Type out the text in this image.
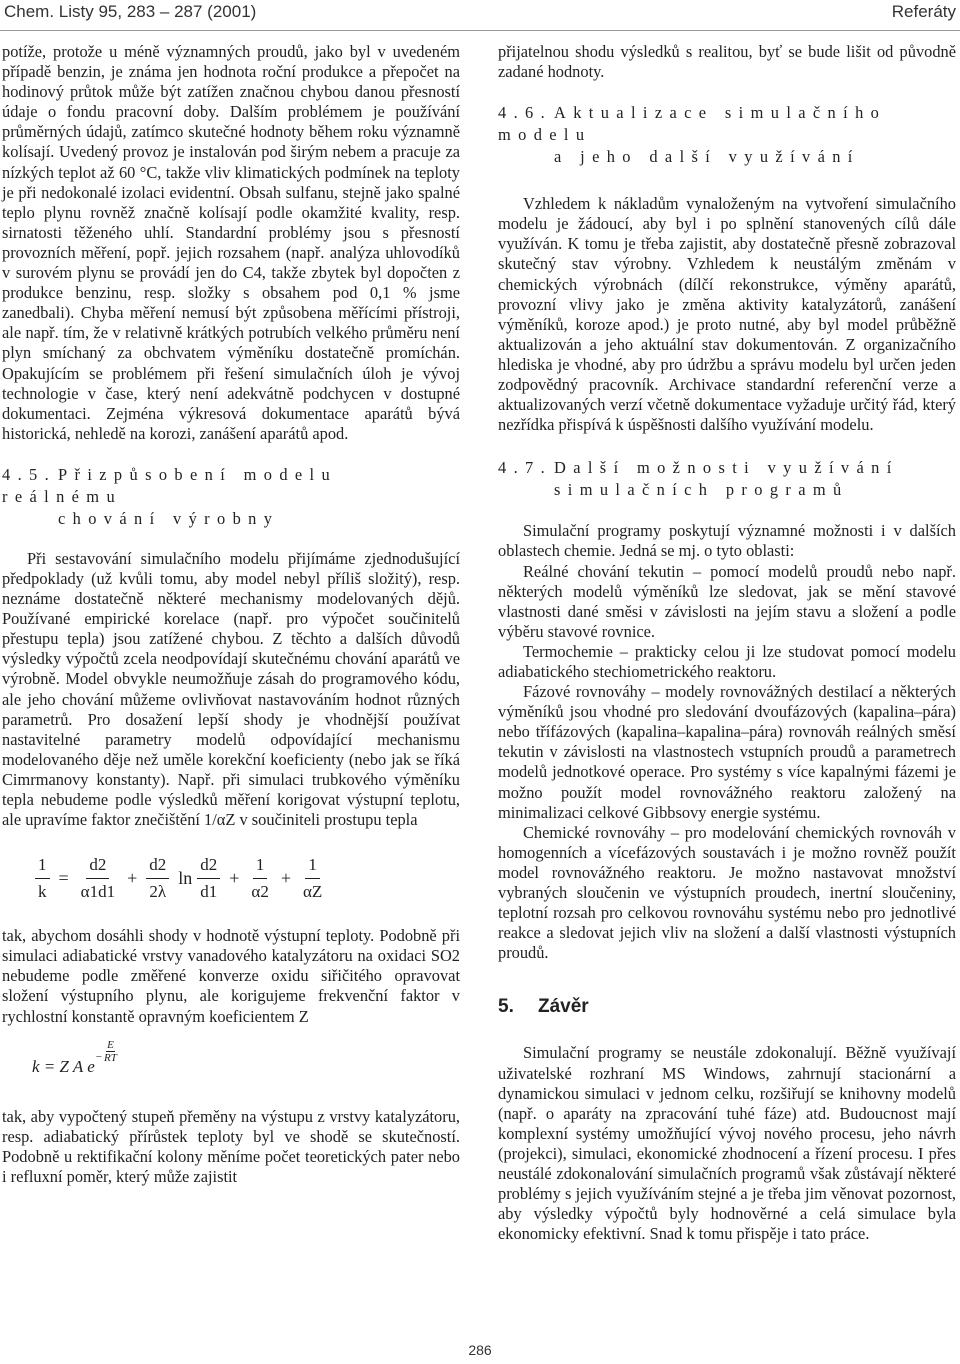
Chem. Listy 95, 283 – 287 (2001)	Referáty

potíže, protože u méně významných proudů, jako byl v uvedeném případě benzin, je známa jen hodnota roční produkce a přepočet na hodinový průtok může být zatížen značnou chybou danou přesností údaje o fondu pracovní doby. Dalším problémem je používání průměrných údajů, zatímco skutečné hodnoty během roku významně kolísají. Uvedený provoz je instalován pod širým nebem a pracuje za nízkých teplot až 60 °C, takže vliv klimatických podmínek na teploty je při nedokonalé izolaci evidentní. Obsah sulfanu, stejně jako spalné teplo plynu rovněž značně kolísají podle okamžité kvality, resp. sirnatosti těženého uhlí. Standardní problémy jsou s přesností provozních měření, popř. jejich rozsahem (např. analýza uhlovodíků v surovém plynu se provádí jen do C4, takže zbytek byl dopočten z produkce benzinu, resp. složky s obsahem pod 0,1 % jsme zanedbali). Chyba měření nemusí být způsobena měřícími přístroji, ale např. tím, že v relativně krátkých potrubích velkého průměru není plyn smíchaný za obchvatem výměníku dostatečně promíchán. Opakujícím se problémem při řešení simulačních úloh je vývoj technologie v čase, který není adekvátně podchycen v dostupné dokumentaci. Zejména výkresová dokumentace aparátů bývá historická, nehledě na korozi, zanášení aparátů apod.

4.5. Přizpůsobení modelu reálnému
chování výrobny

Při sestavování simulačního modelu přijímáme zjednodušující předpoklady (už kvůli tomu, aby model nebyl příliš složitý), resp. neznáme dostatečně některé mechanismy modelovaných dějů. Používané empirické korelace (např. pro výpočet součinitelů přestupu tepla) jsou zatížené chybou. Z těchto a dalších důvodů výsledky výpočtů zcela neodpovídají skutečnému chování aparátů ve výrobně. Model obvykle neumožňuje zásah do programového kódu, ale jeho chování můžeme ovlivňovat nastavováním hodnot různých parametrů. Pro dosažení lepší shody je vhodnější používat nastavitelné parametry modelů odpovídající mechanismu modelovaného děje než uměle korekční koeficienty (nebo jak se říká Cimrmanovy konstanty). Např. při simulaci trubkového výměníku tepla nebudeme podle výsledků měření korigovat výstupní teplotu, ale upravíme faktor znečištění 1/αZ v součiniteli prostupu tepla

$\frac{1}{k} = \frac{d2}{\alpha 1d1} + \frac{d2}{2\lambda}$ $\ln \frac{d2}{d1} + \frac{1}{\alpha 2} + \frac{1}{\alpha Z}$

tak, abychom dosáhli shody v hodnotě výstupní teploty. Podobně při simulaci adiabatické vrstvy vanadového katalyzátoru na oxidaci SO2 nebudeme podle změřené konverze oxidu siřičitého opravovat složení výstupního plynu, ale korigujeme frekvenční faktor v rychlostní konstantě opravným koeficientem Z

k = Z A $e - \frac{E}{RT}$

tak, aby vypočtený stupeň přeměny na výstupu z vrstvy katalyzátoru, resp. adiabatický přírůstek teploty byl ve shodě se skutečností. Podobně u rektifikační kolony měníme počet teoretických pater nebo i refluxní poměr, který může zajistit

přijatelnou shodu výsledků s realitou, byť se bude lišit od původně zadané hodnoty.

4.6. Aktualizace simulačního modelu
a jeho další využívání

Vzhledem k nákladům vynaloženým na vytvoření simulačního modelu je žádoucí, aby byl i po splnění stanovených cílů dále využíván. K tomu je třeba zajistit, aby dostatečně přesně zobrazoval skutečný stav výrobny. Vzhledem k neustálým změnám v chemických výrobnách (dílčí rekonstrukce, výměny aparátů, provozní vlivy jako je změna aktivity katalyzátorů, zanášení výměníků, koroze apod.) je proto nutné, aby byl model průběžně aktualizován a jeho aktuální stav dokumentován. Z organizačního hlediska je vhodné, aby pro údržbu a správu modelu byl určen jeden zodpovědný pracovník. Archivace standardní referenční verze a aktualizovaných verzí včetně dokumentace vyžaduje určitý řád, který nezřídka přispívá k úspěšnosti dalšího využívání modelu.

4.7. Další možnosti využívání
simulačních programů

Simulační programy poskytují významné možnosti i v dalších oblastech chemie. Jedná se mj. o tyto oblasti:

Reálné chování tekutin – pomocí modelů proudů nebo např. některých modelů výměníků lze sledovat, jak se mění stavové vlastnosti dané směsi v závislosti na jejím stavu a složení a podle výběru stavové rovnice.

Termochemie – prakticky celou ji lze studovat pomocí modelu adiabatického stechiometrického reaktoru.

Fázové rovnováhy – modely rovnovážných destilací a některých výměníků jsou vhodné pro sledování dvoufázových (kapalina–pára) nebo třífázových (kapalina–kapalina–pára) rovnováh reálných směsí tekutin v závislosti na vlastnostech vstupních proudů a parametrech modelů jednotkové operace. Pro systémy s více kapalnými fázemi je možno použít model rovnovážného reaktoru založený na minimalizaci celkové Gibbsovy energie systému.

Chemické rovnováhy – pro modelování chemických rovnováh v homogenních a vícefázových soustavách i je možno rovněž použít model rovnovážného reaktoru. Je možno nastavovat množství vybraných sloučenin ve výstupních proudech, inertní sloučeniny, teplotní rozsah pro celkovou rovnováhu systému nebo pro jednotlivé reakce a sledovat jejich vliv na složení a další vlastnosti výstupních proudů.

5. Závěr

Simulační programy se neustále zdokonalují. Běžně využívají uživatelské rozhraní MS Windows, zahrnují stacionární a dynamickou simulaci v jednom celku, rozšiřují se knihovny modelů (např. o aparáty na zpracování tuhé fáze) atd. Budoucnost mají komplexní systémy umožňující vývoj nového procesu, jeho návrh (projekci), simulaci, ekonomické zhodnocení a řízení procesu. I přes neustálé zdokonalování simulačních programů však zůstávají některé problémy s jejich využíváním stejné a je třeba jim věnovat pozornost, aby výsledky výpočtů byly hodnověrné a celá simulace byla ekonomicky efektivní. Snad k tomu přispěje i tato práce.

286
